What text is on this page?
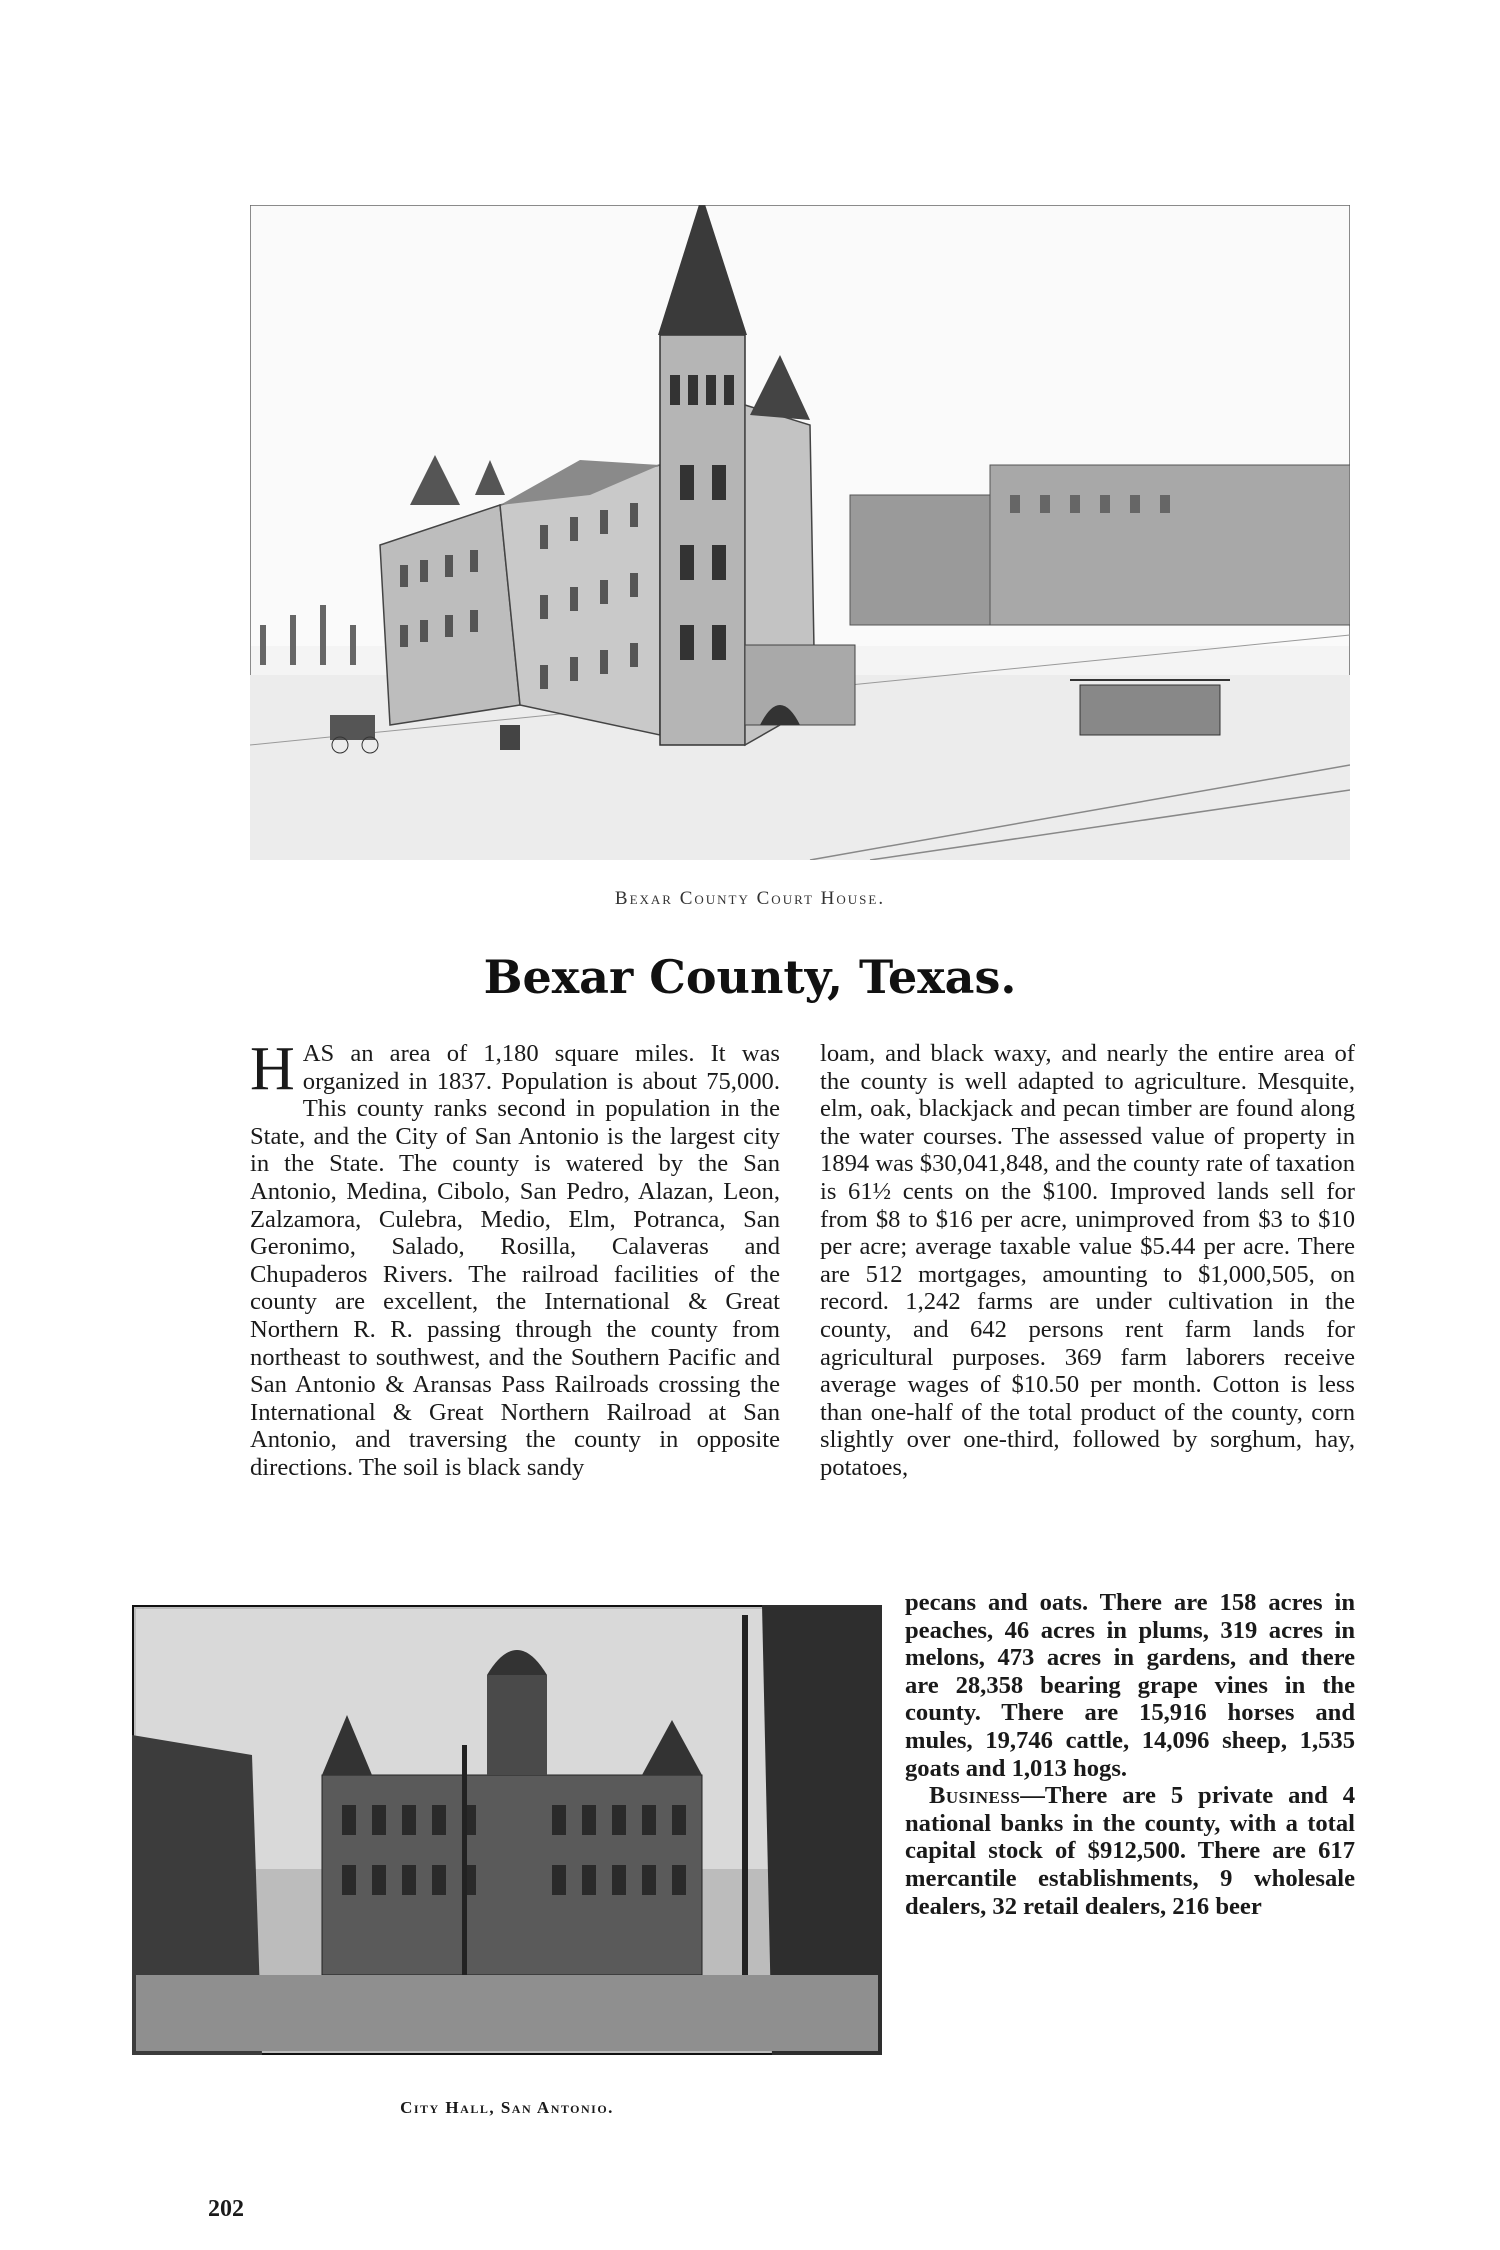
Bexar County Court House.
Bexar County, Texas.
HAS an area of 1,180 square miles. It was organized in 1837. Population is about 75,000. This county ranks second in population in the State, and the City of San Antonio is the largest city in the State. The county is watered by the San Antonio, Medina, Cibolo, San Pedro, Alazan, Leon, Zalzamora, Culebra, Medio, Elm, Potranca, San Geronimo, Salado, Rosilla, Calaveras and Chupaderos Rivers. The railroad facilities of the county are excellent, the International & Great Northern R. R. passing through the county from northeast to southwest, and the Southern Pacific and San Antonio & Aransas Pass Railroads crossing the International & Great Northern Railroad at San Antonio, and traversing the county in opposite directions. The soil is black sandy
loam, and black waxy, and nearly the entire area of the county is well adapted to agriculture. Mesquite, elm, oak, blackjack and pecan timber are found along the water courses. The assessed value of property in 1894 was $30,041,848, and the county rate of taxation is 61½ cents on the $100. Improved lands sell for from $8 to $16 per acre, unimproved from $3 to $10 per acre; average taxable value $5.44 per acre. There are 512 mortgages, amounting to $1,000,505, on record. 1,242 farms are under cultivation in the county, and 642 persons rent farm lands for agricultural purposes. 369 farm laborers receive average wages of $10.50 per month. Cotton is less than one-half of the total product of the county, corn slightly over one-third, followed by sorghum, hay, potatoes,
pecans and oats. There are 158 acres in peaches, 46 acres in plums, 319 acres in melons, 473 acres in gardens, and there are 28,358 bearing grape vines in the county. There are 15,916 horses and mules, 19,746 cattle, 14,096 sheep, 1,535 goats and 1,013 hogs.
Business—There are 5 private and 4 national banks in the county, with a total capital stock of $912,500. There are 617 mercantile establishments, 9 wholesale dealers, 32 retail dealers, 216 beer
City Hall, San Antonio.
202
